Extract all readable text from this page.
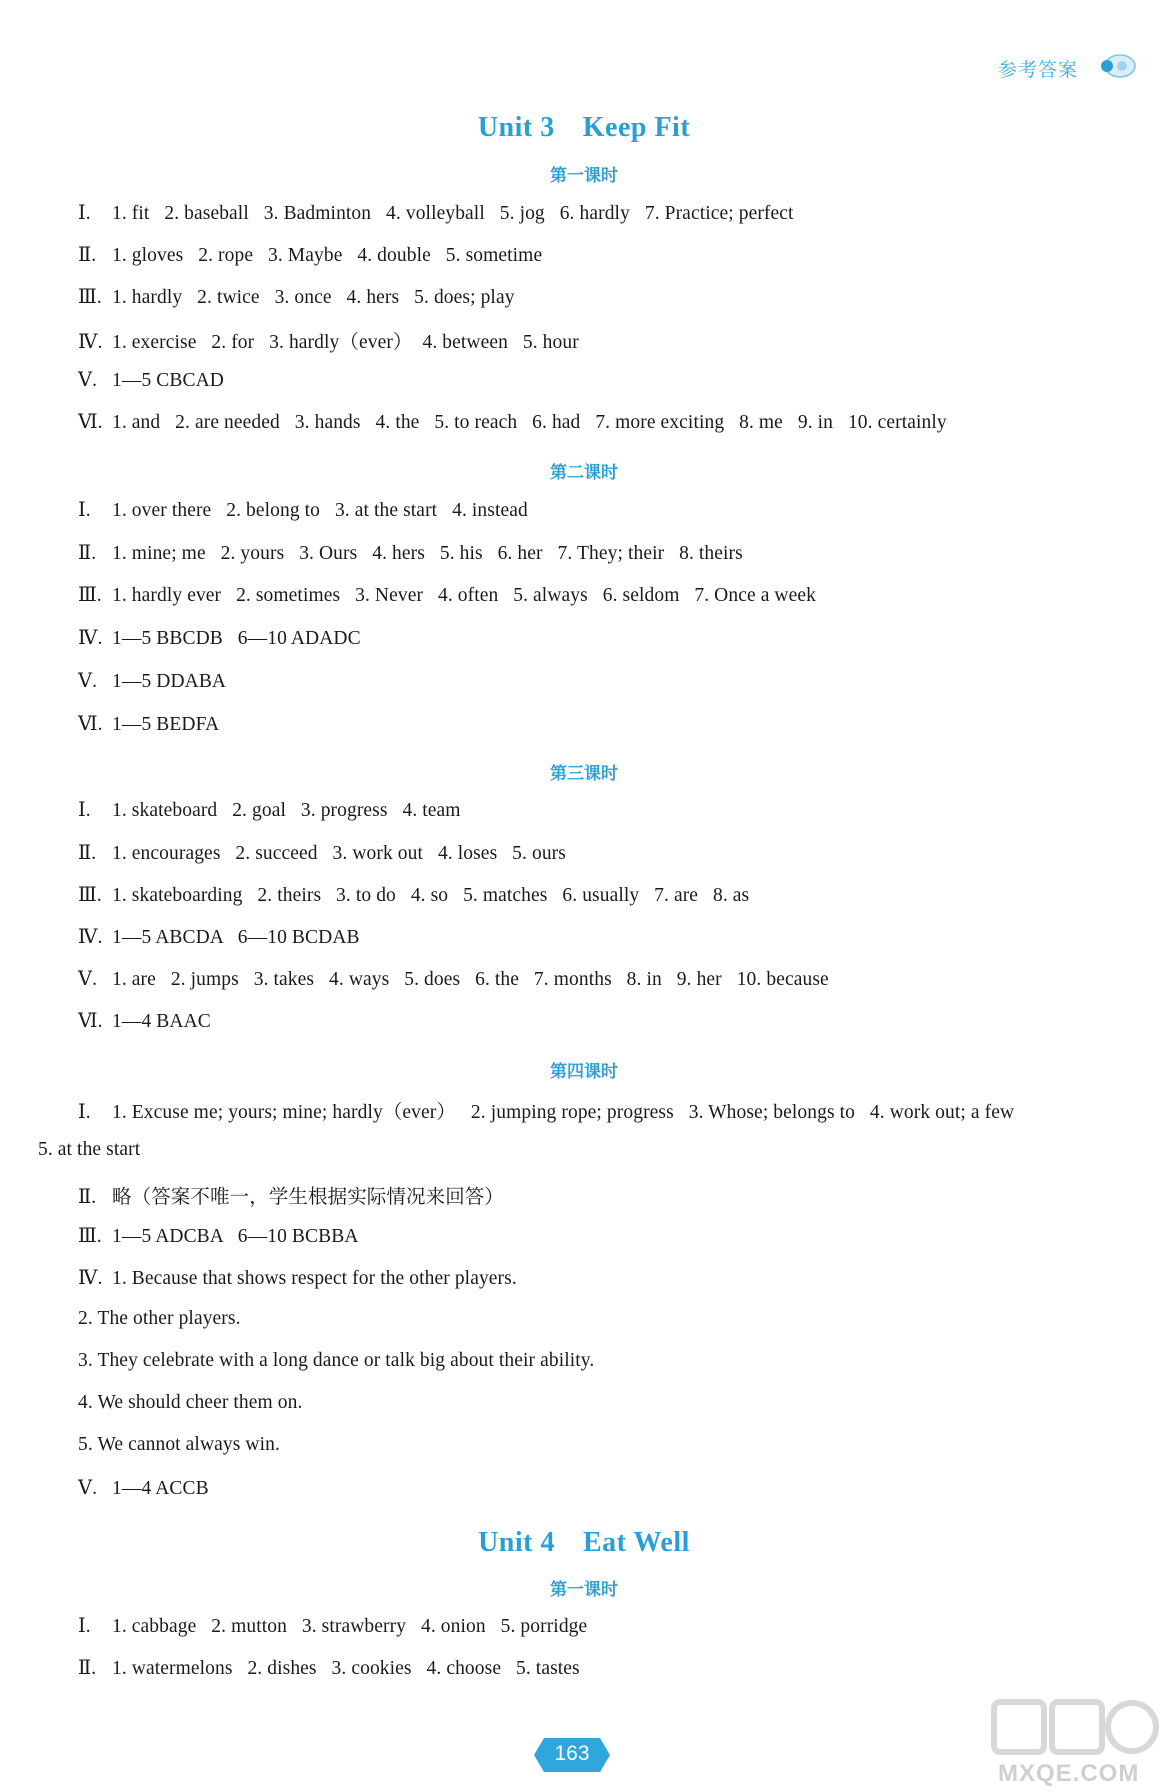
参考答案
Unit 3 Keep Fit
第一课时
Ⅰ. 1. fit   2. baseball   3. Badminton   4. volleyball   5. jog   6. hardly   7. Practice; perfect
Ⅱ. 1. gloves   2. rope   3. Maybe   4. double   5. sometime
Ⅲ. 1. hardly   2. twice   3. once   4. hers   5. does; play
Ⅳ. 1. exercise   2. for   3. hardly（ever）  4. between   5. hour
Ⅴ. 1—5 CBCAD
Ⅵ. 1. and   2. are needed   3. hands   4. the   5. to reach   6. had   7. more exciting   8. me   9. in   10. certainly
第二课时
Ⅰ. 1. over there   2. belong to   3. at the start   4. instead
Ⅱ. 1. mine; me   2. yours   3. Ours   4. hers   5. his   6. her   7. They; their   8. theirs
Ⅲ. 1. hardly ever   2. sometimes   3. Never   4. often   5. always   6. seldom   7. Once a week
Ⅳ. 1—5 BBCDB   6—10 ADADC
Ⅴ. 1—5 DDABA
Ⅵ. 1—5 BEDFA
第三课时
Ⅰ. 1. skateboard   2. goal   3. progress   4. team
Ⅱ. 1. encourages   2. succeed   3. work out   4. loses   5. ours
Ⅲ. 1. skateboarding   2. theirs   3. to do   4. so   5. matches   6. usually   7. are   8. as
Ⅳ. 1—5 ABCDA   6—10 BCDAB
Ⅴ. 1. are   2. jumps   3. takes   4. ways   5. does   6. the   7. months   8. in   9. her   10. because
Ⅵ. 1—4 BAAC
第四课时
Ⅰ. 1. Excuse me; yours; mine; hardly（ever）   2. jumping rope; progress   3. Whose; belongs to   4. work out; a few
5. at the start
Ⅱ. 略（答案不唯一，学生根据实际情况来回答）
Ⅲ. 1—5 ADCBA   6—10 BCBBA
Ⅳ. 1. Because that shows respect for the other players.
2. The other players.
3. They celebrate with a long dance or talk big about their ability.
4. We should cheer them on.
5. We cannot always win.
Ⅴ. 1—4 ACCB
Unit 4 Eat Well
第一课时
Ⅰ. 1. cabbage   2. mutton   3. strawberry   4. onion   5. porridge
Ⅱ. 1. watermelons   2. dishes   3. cookies   4. choose   5. tastes
163
MXQE.COM
